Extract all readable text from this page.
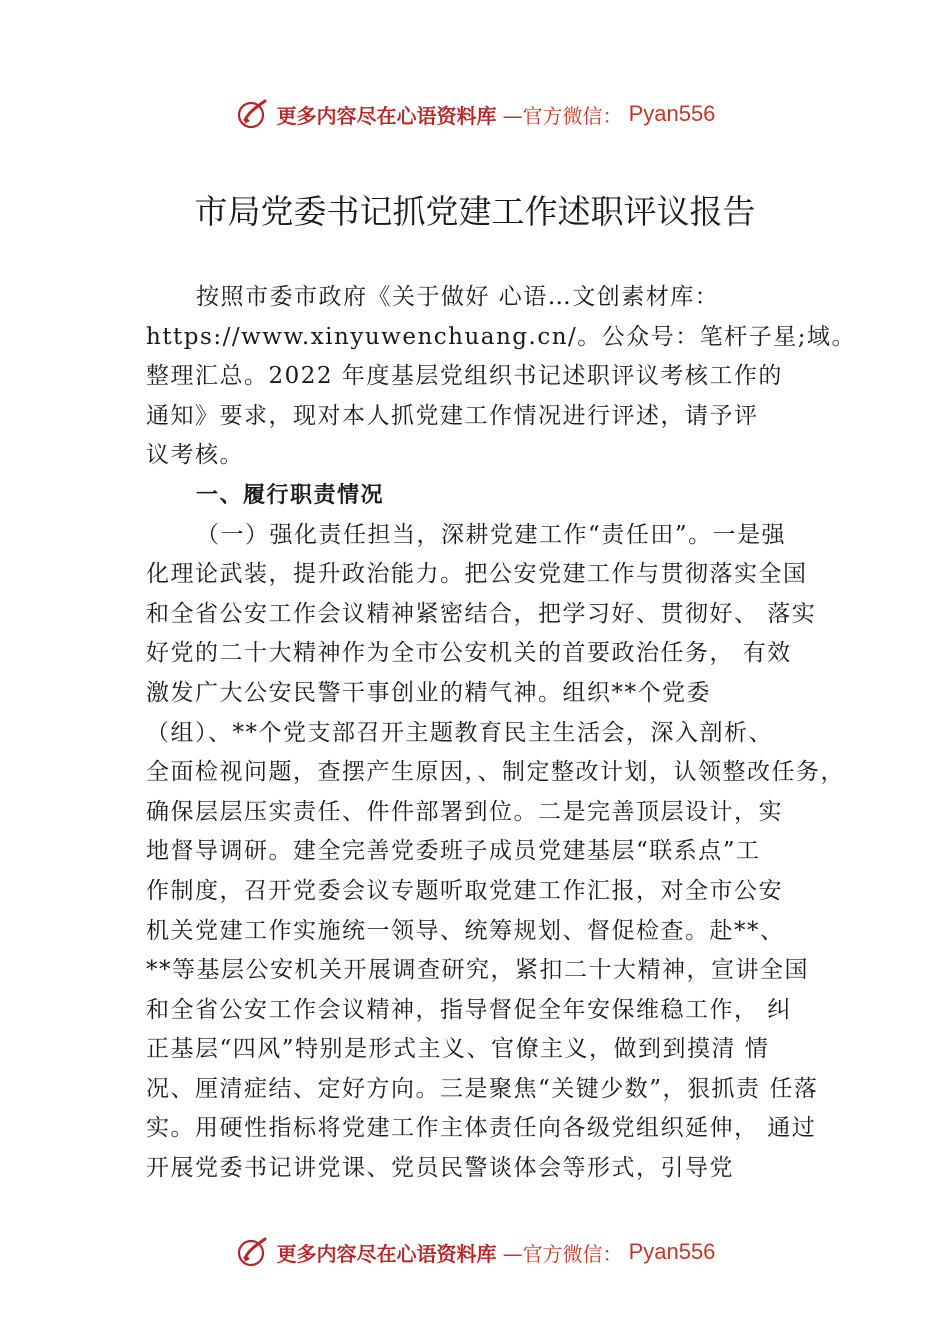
更多内容尽在心语资料库 —官方微信： Pyan556
市局党委书记抓党建工作述职评议报告
按照市委市政府《关于做好 心语…文创素材库：
https://www.xinyuwenchuang.cn/。公众号：笔杆子星;域。
整理汇总。2022 年度基层党组织书记述职评议考核工作的
通知》要求，现对本人抓党建工作情况进行评述，请予评
议考核。
一、履行职责情况
（一）强化责任担当，深耕党建工作“责任田”。一是强
化理论武装，提升政治能力。把公安党建工作与贯彻落实全国
和全省公安工作会议精神紧密结合，把学习好、贯彻好、 落实
好党的二十大精神作为全市公安机关的首要政治任务， 有效
激发广大公安民警干事创业的精气神。组织**个党委
（组）、**个党支部召开主题教育民主生活会，深入剖析、
全面检视问题，查摆产生原因，、制定整改计划，认领整改任务，
确保层层压实责任、件件部署到位。二是完善顶层设计，实
地督导调研。建全完善党委班子成员党建基层“联系点”工
作制度，召开党委会议专题听取党建工作汇报，对全市公安
机关党建工作实施统一领导、统筹规划、督促检查。赴**、
**等基层公安机关开展调查研究，紧扣二十大精神，宣讲全国
和全省公安工作会议精神，指导督促全年安保维稳工作， 纠
正基层“四风”特别是形式主义、官僚主义，做到到摸清 情
况、厘清症结、定好方向。三是聚焦“关键少数”，狠抓责 任落
实。用硬性指标将党建工作主体责任向各级党组织延伸， 通过
开展党委书记讲党课、党员民警谈体会等形式，引导党
更多内容尽在心语资料库 —官方微信： Pyan556
